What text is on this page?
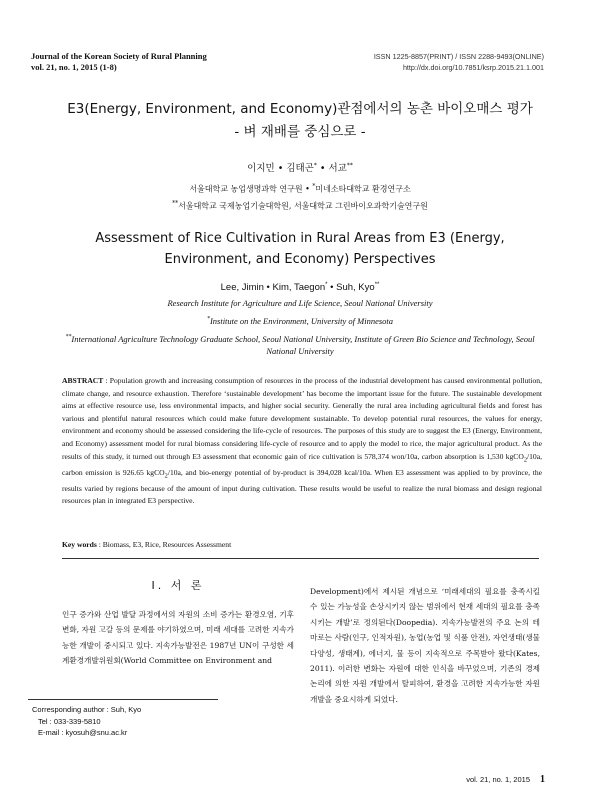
Journal of the Korean Society of Rural Planning
vol. 21, no. 1, 2015 (1-8)
ISSN 1225-8857(PRINT) / ISSN 2288-9493(ONLINE)
http://dx.doi.org/10.7851/ksrp.2015.21.1.001
E3(Energy, Environment, and Economy)관점에서의 농촌 바이오매스 평가
- 벼 재배를 중심으로 -
이지민 • 김태곤* • 서교**
서울대학교 농업생명과학 연구원 • *미네소타대학교 환경연구소
**서울대학교 국제농업기술대학원, 서울대학교 그린바이오과학기술연구원
Assessment of Rice Cultivation in Rural Areas from E3 (Energy,
Environment, and Economy) Perspectives
Lee, Jimin • Kim, Taegon* • Suh, Kyo**
Research Institute for Agriculture and Life Science, Seoul National University
*Institute on the Environment, University of Minnesota
**International Agriculture Technology Graduate School, Seoul National University, Institute of Green Bio Science and Technology, Seoul National University
ABSTRACT : Population growth and increasing consumption of resources in the process of the industrial development has caused environmental pollution, climate change, and resource exhaustion. Therefore ‘sustainable development’ has become the important issue for the future. The sustainable development aims at effective resource use, less environmental impacts, and higher social security. Generally the rural area including agricultural fields and forest has various and plentiful natural resources which could make future development sustainable. To develop potential rural resources, the values for energy, environment and economy should be assessed considering the life-cycle of resources. The purposes of this study are to suggest the E3 (Energy, Environment, and Economy) assessment model for rural biomass considering life-cycle of resource and to apply the model to rice, the major agricultural product. As the results of this study, it turned out through E3 assessment that economic gain of rice cultivation is 578,374 won/10a, carbon absorption is 1,530 kgCO$_2$/10a, carbon emission is 926.65 kgCO$_2$/10a, and bio-energy potential of by-product is 394,028 kcal/10a. When E3 assessment was applied to by province, the results varied by regions because of the amount of input during cultivation. These results would be useful to realize the rural biomass and design regional resources plan in integrated E3 perspective.
Key words : Biomass, E3, Rice, Resources Assessment
I. 서 론
인구 증가와 산업 발달 과정에서의 자원의 소비 증가는 환경오염, 기후 변화, 자원 고갈 등의 문제를 야기하였으며, 미래 세대를 고려한 지속가능한 개발이 중시되고 있다. 지속가능발전은 1987년 UN이 구성한 세계환경개발위원회(World Committee on Environment and
Development)에서 제시된 개념으로 ‘미래세대의 필요를 충족시킬 수 있는 가능성을 손상시키지 않는 범위에서 현재 세대의 필요를 충족시키는 개발’로 정의된다(Doopedia). 지속가능발전의 주요 논의 테마로는 사람(인구, 인적자원), 농업(농업 및 식품 안전), 자연생태(생물다양성, 생태계), 에너지, 물 등이 지속적으로 주목받아 왔다(Kates, 2011). 이러한 변화는 자원에 대한 인식을 바꾸었으며, 기존의 경제 논리에 의한 자원 개발에서 탈피하여, 환경을 고려한 지속가능한 자원 개발을 중요시하게 되었다.
Corresponding author : Suh, Kyo
Tel : 033-339-5810
E-mail : kyosuh@snu.ac.kr
vol. 21, no. 1, 2015 1
